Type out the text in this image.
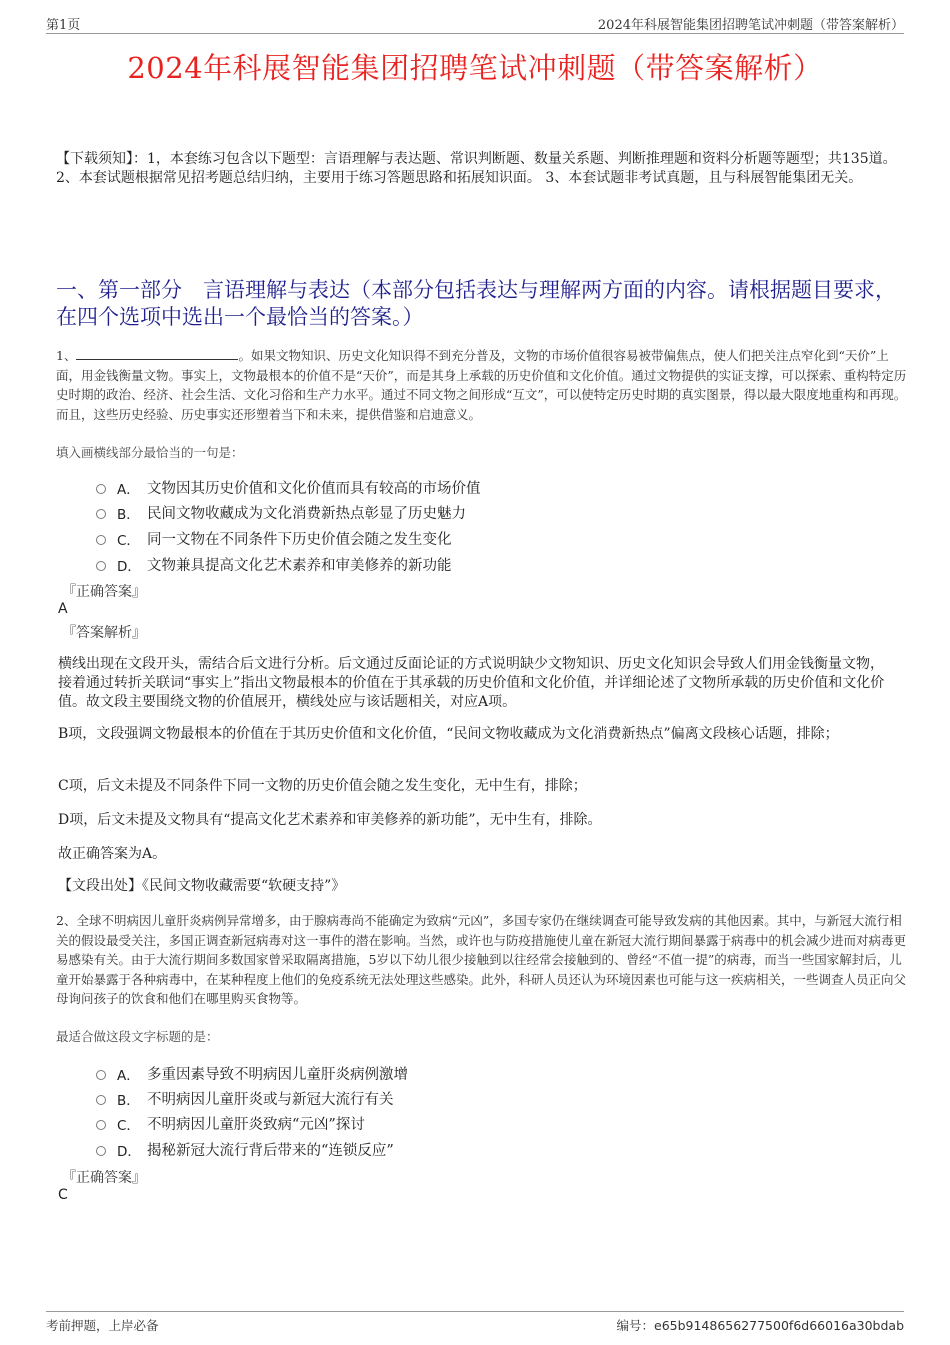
第1页	2024年科展智能集团招聘笔试冲刺题（带答案解析）
2024年科展智能集团招聘笔试冲刺题（带答案解析）
【下载须知】：1，本套练习包含以下题型：言语理解与表达题、常识判断题、数量关系题、判断推理题和资料分析题等题型；共135道。 2、本套试题根据常见招考题总结归纳，主要用于练习答题思路和拓展知识面。 3、本套试题非考试真题，且与科展智能集团无关。
一、第一部分　言语理解与表达（本部分包括表达与理解两方面的内容。请根据题目要求，在四个选项中选出一个最恰当的答案。）
1、	。如果文物知识、历史文化知识得不到充分普及，文物的市场价值很容易被带偏焦点，使人们把关注点窄化到“天价”上面，用金钱衡量文物。事实上，文物最根本的价值不是“天价”，而是其身上承载的历史价值和文化价值。通过文物提供的实证支撑，可以探索、重构特定历史时期的政治、经济、社会生活、文化习俗和生产力水平。通过不同文物之间形成“互文”，可以使特定历史时期的真实图景，得以最大限度地重构和再现。而且，这些历史经验、历史事实还形塑着当下和未来，提供借鉴和启迪意义。
填入画横线部分最恰当的一句是：
A． 文物因其历史价值和文化价值而具有较高的市场价值
B． 民间文物收藏成为文化消费新热点彰显了历史魅力
C． 同一文物在不同条件下历史价值会随之发生变化
D． 文物兼具提高文化艺术素养和审美修养的新功能
『正确答案』
A
『答案解析』
横线出现在文段开头，需结合后文进行分析。后文通过反面论证的方式说明缺少文物知识、历史文化知识会导致人们用金钱衡量文物，接着通过转折关联词“事实上”指出文物最根本的价值在于其承载的历史价值和文化价值，并详细论述了文物所承载的历史价值和文化价值。故文段主要围绕文物的价值展开，横线处应与该话题相关，对应A项。
B项，文段强调文物最根本的价值在于其历史价值和文化价值，“民间文物收藏成为文化消费新热点”偏离文段核心话题，排除；
C项，后文未提及不同条件下同一文物的历史价值会随之发生变化，无中生有，排除；
D项，后文未提及文物具有“提高文化艺术素养和审美修养的新功能”，无中生有，排除。
故正确答案为A。
【文段出处】《民间文物收藏需要“软硬支持”》
2、全球不明病因儿童肝炎病例异常增多，由于腺病毒尚不能确定为致病“元凶”，多国专家仍在继续调查可能导致发病的其他因素。其中，与新冠大流行相关的假设最受关注，多国正调查新冠病毒对这一事件的潜在影响。当然，或许也与防疫措施使儿童在新冠大流行期间暴露于病毒中的机会减少进而对病毒更易感染有关。由于大流行期间多数国家曾采取隔离措施，5岁以下幼儿很少接触到以往经常会接触到的、曾经“不值一提”的病毒，而当一些国家解封后，儿童开始暴露于各种病毒中，在某种程度上他们的免疫系统无法处理这些感染。此外，科研人员还认为环境因素也可能与这一疾病相关，一些调查人员正向父母询问孩子的饮食和他们在哪里购买食物等。
最适合做这段文字标题的是：
A． 多重因素导致不明病因儿童肝炎病例激增
B． 不明病因儿童肝炎或与新冠大流行有关
C． 不明病因儿童肝炎致病“元凶”探讨
D． 揭秘新冠大流行背后带来的“连锁反应”
『正确答案』
C
考前押题，上岸必备	编号：e65b9148656277500f6d66016a30bdab
